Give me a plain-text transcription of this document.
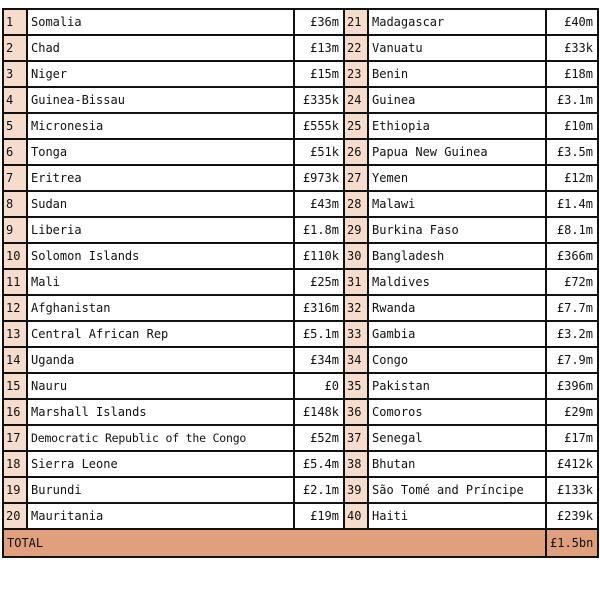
1	Somalia	£36m	21	Madagascar	£40m
2	Chad	£13m	22	Vanuatu	£33k
3	Niger	£15m	23	Benin	£18m
4	Guinea-Bissau	£335k	24	Guinea	£3.1m
5	Micronesia	£555k	25	Ethiopia	£10m
6	Tonga	£51k	26	Papua New Guinea	£3.5m
7	Eritrea	£973k	27	Yemen	£12m
8	Sudan	£43m	28	Malawi	£1.4m
9	Liberia	£1.8m	29	Burkina Faso	£8.1m
10	Solomon Islands	£110k	30	Bangladesh	£366m
11	Mali	£25m	31	Maldives	£72m
12	Afghanistan	£316m	32	Rwanda	£7.7m
13	Central African Rep	£5.1m	33	Gambia	£3.2m
14	Uganda	£34m	34	Congo	£7.9m
15	Nauru	£0	35	Pakistan	£396m
16	Marshall Islands	£148k	36	Comoros	£29m
17	Democratic Republic of the Congo	£52m	37	Senegal	£17m
18	Sierra Leone	£5.4m	38	Bhutan	£412k
19	Burundi	£2.1m	39	São Tomé and Príncipe	£133k
20	Mauritania	£19m	40	Haiti	£239k
TOTAL					£1.5bn
